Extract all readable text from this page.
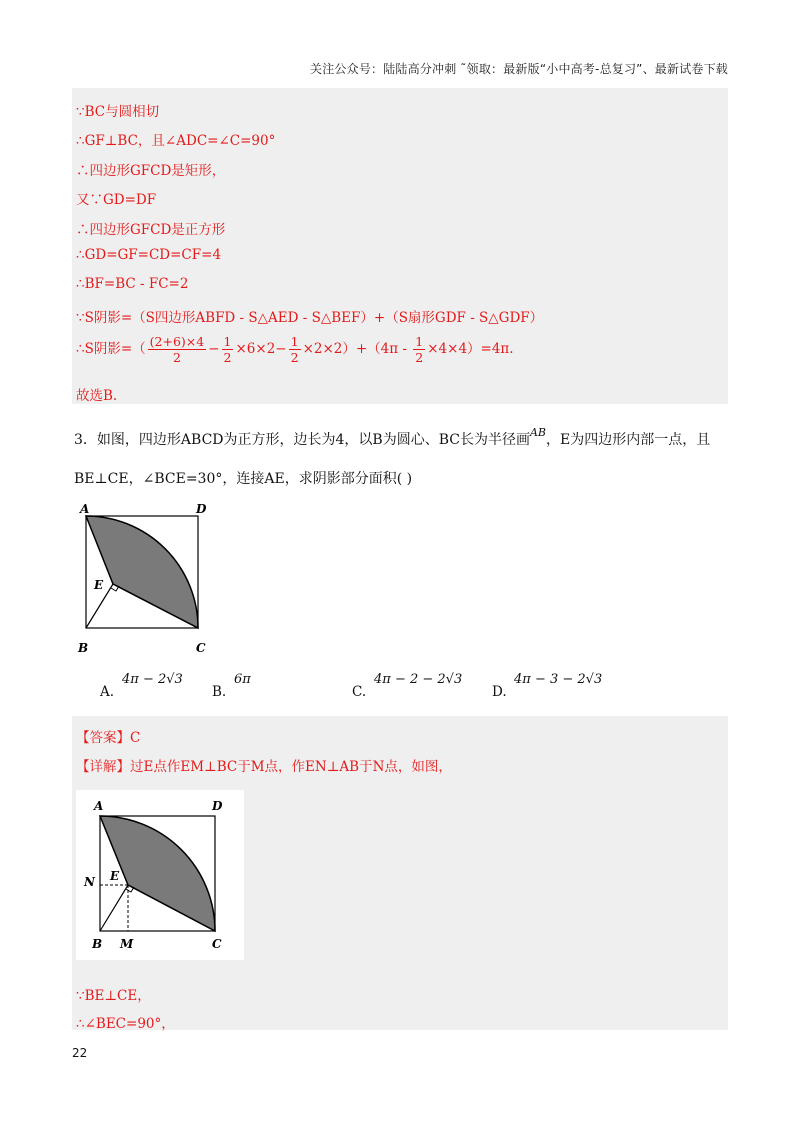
关注公众号：陆陆高分冲刺 ˜领取：最新版“小中高考-总复习”、最新试卷下载
∵BC与圆相切
∴GF⊥BC，且∠ADC=∠C=90°
∴四边形GFCD是矩形，
又∵GD=DF
∴四边形GFCD是正方形
∴GD=GF=CD=CF=4
∴BF=BC - FC=2
∵S阴影=（S四边形ABFD - S△AED - S△BEF）+（S扇形GDF - S△GDF）
∴S阴影=（ $\frac{(2+6)\times 4}{2} - \frac{1}{2} \times 6\times 2- \frac{1}{2} \times 2\times 2)+(4\pi - \frac{1}{2} \times 4\times 4)=4\pi$.
故选B.
3．如图，四边形ABCD为正方形，边长为4，以B为圆心、BC长为半径画$^{AB}$，E为四边形内部一点，且
BE⊥CE，∠BCE=30°，连接AE，求阴影部分面积( )
A	D
E
B	C
A.
4π − 2√3
B.
6π
C.
4π − 2 − 2√3
D.
4π − 3 − 2√3
【答案】C
【详解】过E点作EM⊥BC于M点，作EN⊥AB于N点，如图，
A	D
N E
B M	C
∵BE⊥CE，
∴∠BEC=90°，
22
